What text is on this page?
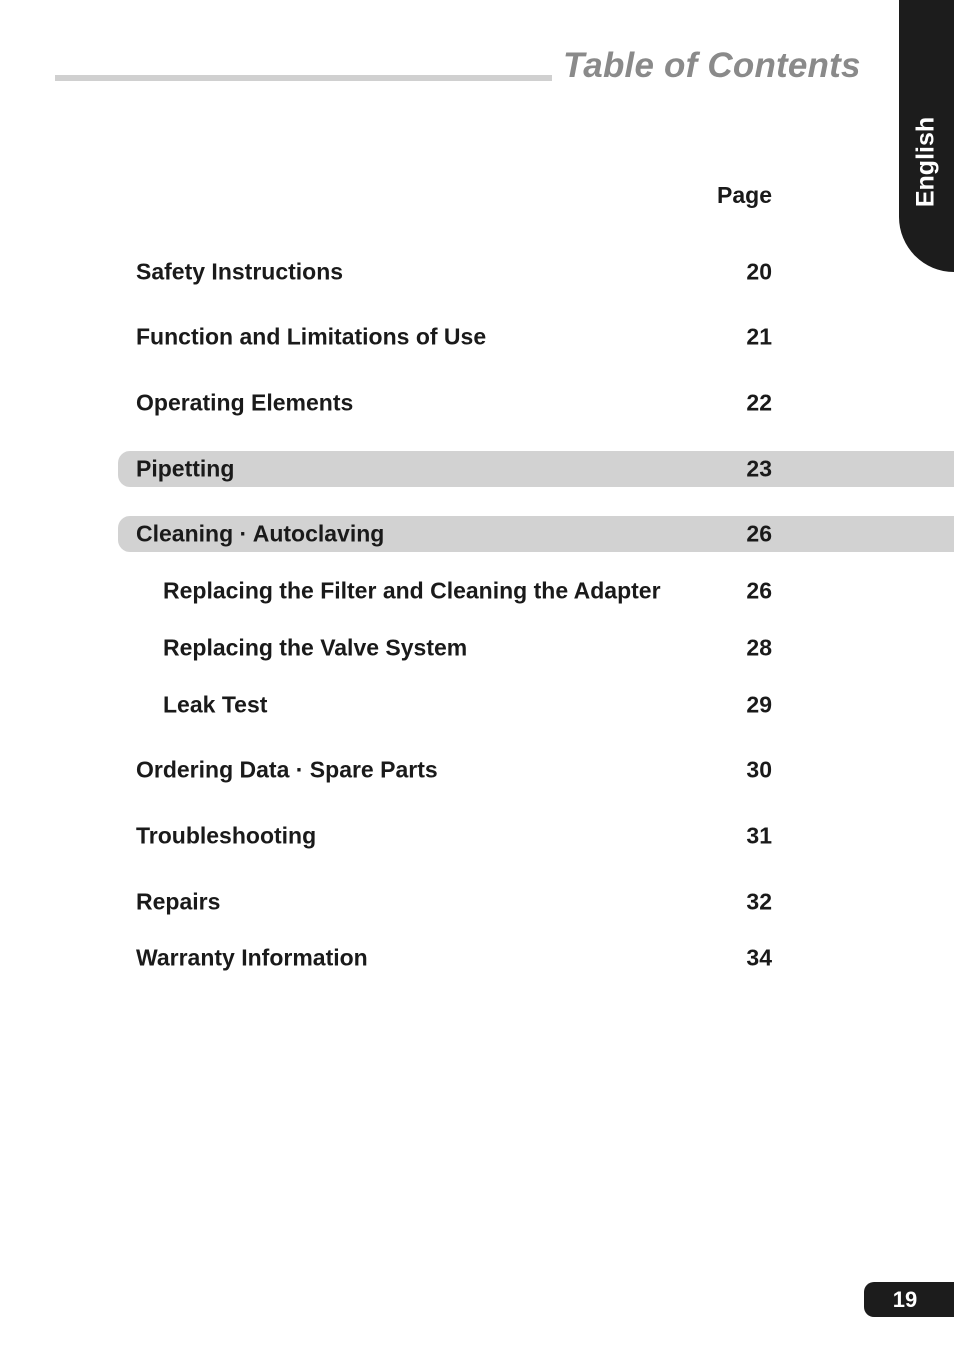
Table of Contents
English
Page
Safety Instructions	20
Function and Limitations of Use	21
Operating Elements	22
Pipetting	23
Cleaning · Autoclaving	26
Replacing the Filter and Cleaning the Adapter	26
Replacing the Valve System	28
Leak Test	29
Ordering Data · Spare Parts	30
Troubleshooting	31
Repairs	32
Warranty Information	34
19
